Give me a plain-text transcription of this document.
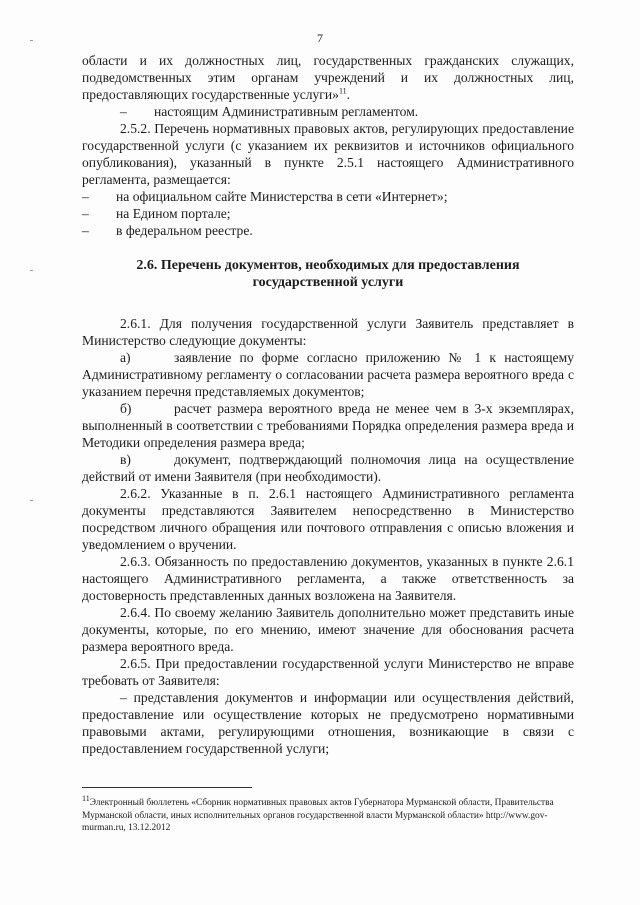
7

области и их должностных лиц, государственных гражданских служащих, подведомственных этим органам учреждений и их должностных лиц, предоставляющих государственные услуги»$^{11}$.

– настоящим Административным регламентом.

2.5.2. Перечень нормативных правовых актов, регулирующих предоставление государственной услуги (с указанием их реквизитов и источников официального опубликования), указанный в пункте 2.5.1 настоящего Административного регламента, размещается:

– на официальном сайте Министерства в сети «Интернет»;

– на Едином портале;

– в федеральном реестре.

2.6. Перечень документов, необходимых для предоставления
государственной услуги

2.6.1. Для получения государственной услуги Заявитель представляет в Министерство следующие документы:

а)	заявление по форме согласно приложению № 1 к настоящему Административному регламенту о согласовании расчета размера вероятного вреда с указанием перечня представляемых документов;

б)	расчет размера вероятного вреда не менее чем в 3-х экземплярах, выполненный в соответствии с требованиями Порядка определения размера вреда и Методики определения размера вреда;

в)	документ, подтверждающий полномочия лица на осуществление действий от имени Заявителя (при необходимости).

2.6.2. Указанные в п. 2.6.1 настоящего Административного регламента документы представляются Заявителем непосредственно в Министерство посредством личного обращения или почтового отправления с описью вложения и уведомлением о вручении.

2.6.3. Обязанность по предоставлению документов, указанных в пункте 2.6.1 настоящего Административного регламента, а также ответственность за достоверность представленных данных возложена на Заявителя.

2.6.4. По своему желанию Заявитель дополнительно может представить иные документы, которые, по его мнению, имеют значение для обоснования расчета размера вероятного вреда.

2.6.5. При предоставлении государственной услуги Министерство не вправе требовать от Заявителя:

– представления документов и информации или осуществления действий, предоставление или осуществление которых не предусмотрено нормативными правовыми актами, регулирующими отношения, возникающие в связи с предоставлением государственной услуги;

11Электронный бюллетень «Сборник нормативных правовых актов Губернатора Мурманской области, Правительства Мурманской области, иных исполнительных органов государственной власти Мурманской области» http://www.gov-murman.ru, 13.12.2012
